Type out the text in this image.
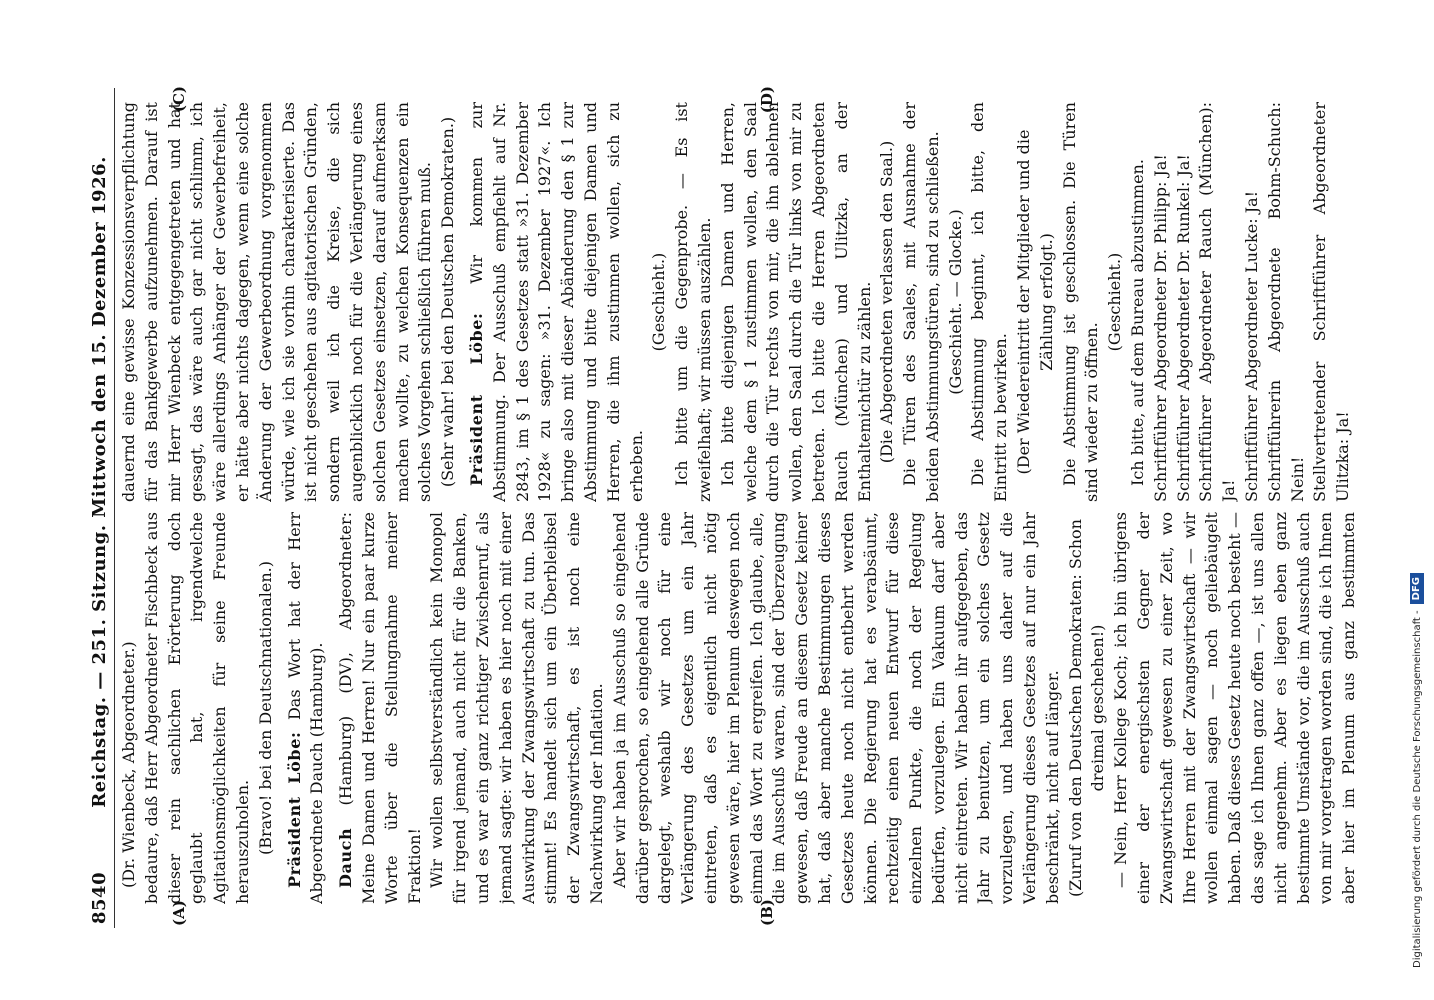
8540
Reichstag. — 251. Sitzung. Mittwoch den 15. Dezember 1926.
(A)	(B)
(C)	(D)

(Dr. Wienbeck, Abgeordneter.) bedaure, daß Herr Abgeordneter Fischbeck aus dieser rein sachlichen Erörterung doch geglaubt hat, irgendwelche Agitationsmöglichkeiten für seine Freunde herauszuholen. (Bravo! bei den Deutschnationalen.) Präsident Löbe: Das Wort hat der Herr Abgeordnete Dauch (Hamburg). Dauch (Hamburg) (DV), Abgeordneter: Meine Damen und Herren! Nur ein paar kurze Worte über die Stellungnahme meiner Fraktion! Wir wollen selbstverständlich kein Monopol für irgend jemand, auch nicht für die Banken, und es war ein ganz richtiger Zwischenruf, als jemand sagte: wir haben es hier noch mit einer Auswirkung der Zwangswirtschaft zu tun. Das stimmt! Es handelt sich um ein Überbleibsel der Zwangswirtschaft, es ist noch eine Nachwirkung der Inflation. Aber wir haben ja im Ausschuß so eingehend darüber gesprochen, so eingehend alle Gründe dargelegt, weshalb wir noch für eine Verlängerung des Gesetzes um ein Jahr eintreten, daß es eigentlich nicht nötig gewesen wäre, hier im Plenum deswegen noch einmal das Wort zu ergreifen. Ich glaube, alle, die im Ausschuß waren, sind der Überzeugung gewesen, daß Freude an diesem Gesetz keiner hat, daß aber manche Bestimmungen dieses Gesetzes heute noch nicht entbehrt werden können. Die Regierung hat es verabsäumt, rechtzeitig einen neuen Entwurf für diese einzelnen Punkte, die noch der Regelung bedürfen, vorzulegen. Ein Vakuum darf aber nicht eintreten. Wir haben ihr aufgegeben, das Jahr zu benutzen, um ein solches Gesetz vorzulegen, und haben uns daher auf die Verlängerung dieses Gesetzes auf nur ein Jahr beschränkt, nicht auf länger. (Zuruf von den Deutschen Demokraten: Schon dreimal geschehen!)

— Nein, Herr Kollege Koch; ich bin übrigens einer der energischsten Gegner der Zwangswirtschaft gewesen zu einer Zeit, wo Ihre Herren mit der Zwangswirtschaft — wir wollen einmal sagen — noch geliebäugelt haben. Daß dieses Gesetz heute noch besteht — das sage ich Ihnen ganz offen —, ist uns allen nicht angenehm. Aber es liegen eben ganz bestimmte Umstände vor, die im Ausschuß auch von mir vorgetragen worden sind, die ich Ihnen aber hier im Plenum aus ganz bestimmten

dauernd eine gewisse Konzessionsverpflichtung für das Bankgewerbe aufzunehmen. Darauf ist mir Herr Wienbeck entgegengetreten und hat gesagt, das wäre auch gar nicht schlimm, ich wäre allerdings Anhänger der Gewerbefreiheit, er hätte aber nichts dagegen, wenn eine solche Änderung der Gewerbeordnung vorgenommen würde, wie ich sie vorhin charakterisierte. Das ist nicht geschehen aus agitatorischen Gründen, sondern weil ich die Kreise, die sich augenblicklich noch für die Verlängerung eines solchen Gesetzes einsetzen, darauf aufmerksam machen wollte, zu welchen Konsequenzen ein solches Vorgehen schließlich führen muß. (Sehr wahr! bei den Deutschen Demokraten.) Präsident Löbe: Wir kommen zur Abstimmung. Der Ausschuß empfiehlt auf Nr. 2843, im § 1 des Gesetzes statt »31. Dezember 1928« zu sagen: »31. Dezember 1927«. Ich bringe also mit dieser Abänderung den § 1 zur Abstimmung und bitte diejenigen Damen und Herren, die ihm zustimmen wollen, sich zu erheben.

(Geschieht.) Ich bitte um die Gegenprobe. — Es ist zweifelhaft; wir müssen auszählen. Ich bitte diejenigen Damen und Herren, welche dem § 1 zustimmen wollen, den Saal durch die Tür rechts von mir, die ihn ablehnen wollen, den Saal durch die Tür links von mir zu betreten. Ich bitte die Herren Abgeordneten Rauch (München) und Ulitzka, an der Enthaltemichtür zu zählen. (Die Abgeordneten verlassen den Saal.) Die Türen des Saales, mit Ausnahme der beiden Abstimmungstüren, sind zu schließen. (Geschieht. — Glocke.) Die Abstimmung beginnt, ich bitte, den Eintritt zu bewirken. (Der Wiedereintritt der Mitglieder und die Zählung erfolgt.) Die Abstimmung ist geschlossen. Die Türen sind wieder zu öffnen.

(Geschieht.) Ich bitte, auf dem Bureau abzustimmen. Schriftführer Abgeordneter Dr. Philipp: Ja! Schriftführer Abgeordneter Dr. Runkel: Ja! Schriftführer Abgeordneter Rauch (München): Ja! Schriftführer Abgeordneter Lucke: Ja! Schriftführerin Abgeordnete Bohm-Schuch: Nein! Stellvertretender Schriftführer Abgeordneter Ulitzka: Ja!

Digitalisierung gefördert durch die Deutsche Forschungsgemeinschaft -
DFG
